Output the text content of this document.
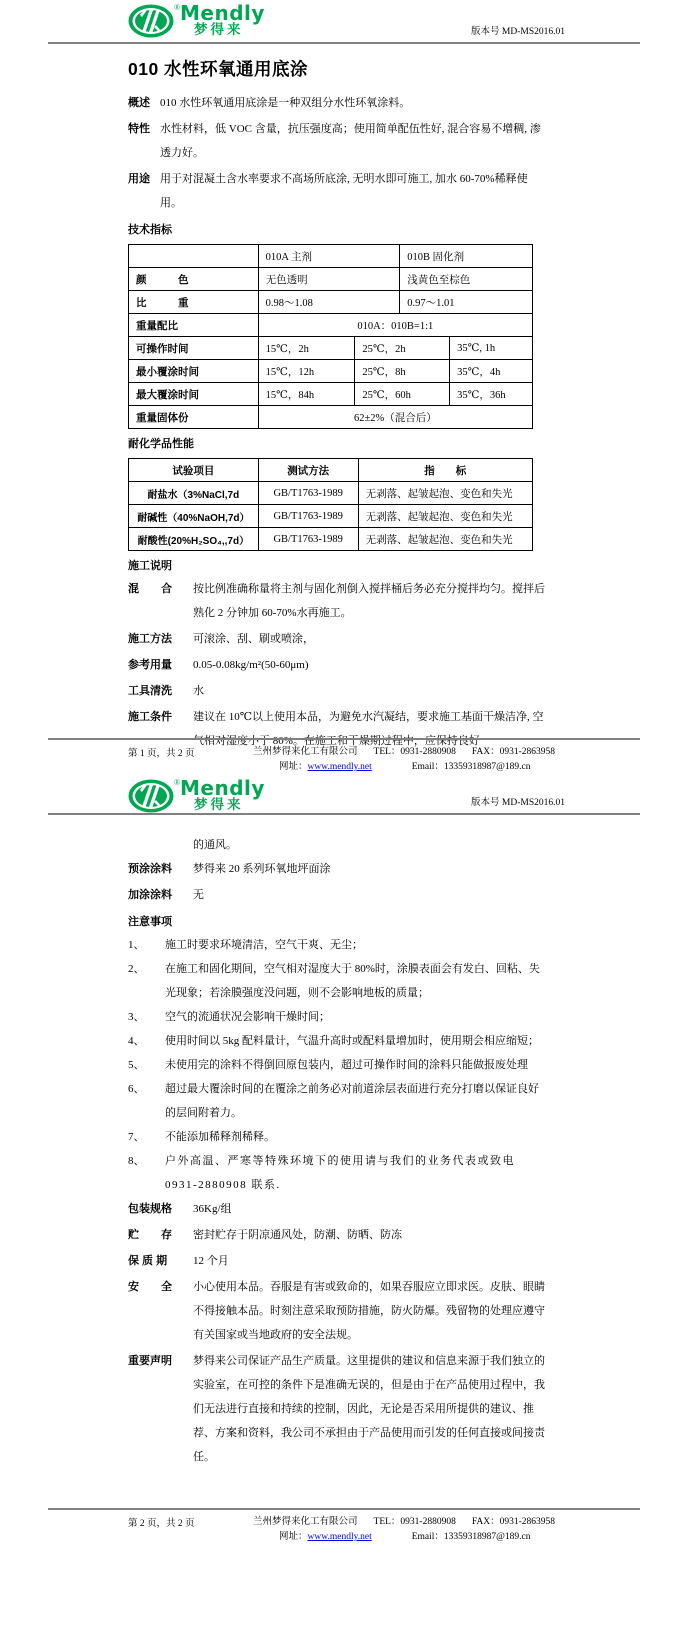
® Mendly
梦得来	版本号 MD-MS2016.01
010 水性环氧通用底涂
概述 010 水性环氧通用底涂是一种双组分水性环氧涂料。
特性 水性材料，低 VOC 含量，抗压强度高；使用简单配伍性好, 混合容易不增稠, 渗透力好。
用途 用于对混凝土含水率要求不高场所底涂, 无明水即可施工, 加水 60-70%稀释使用。
技术指标
	010A 主剂		010B 固化剂	
颜　　　色	无色透明		浅黄色至棕色	
比　　　重	0.98～1.08		0.97～1.01	
重量配比	010A：010B=1:1			
可操作时间	15℃，2h	25℃，2h		35℃, 1h
最小覆涂时间	15℃，12h	25℃，8h		35℃，4h
最大覆涂时间	15℃，84h	25℃，60h		35℃，36h
重量固体份	62±2%（混合后）			
耐化学品性能
试验项目	测试方法	指　　标
耐盐水（3%NaCl,7d	GB/T1763-1989	无剥落、起皱起泡、变色和失光
耐碱性（40%NaOH,7d）	GB/T1763-1989	无剥落、起皱起泡、变色和失光
耐酸性(20%H₂SO₄,,7d）	GB/T1763-1989	无剥落、起皱起泡、变色和失光
施工说明
混　　合	按比例准确称量将主剂与固化剂倒入搅拌桶后务必充分搅拌均匀。搅拌后熟化 2 分钟加 60-70%水再施工。
施工方法	可滚涂、刮、刷或喷涂，
参考用量	0.05-0.08kg/m²(50-60μm)
工具清洗	水
施工条件	建议在 10℃以上使用本品，为避免水汽凝结，要求施工基面干燥洁净, 空气相对湿度小于 80%。在施工和干燥期过程中，应保持良好
第 1 页，共 2 页	兰州梦得来化工有限公司 TEL：0931-2880908 FAX：0931-2863958
网址：www.mendly.net	Email：13359318987@189.cn
® Mendly
梦得来	版本号 MD-MS2016.01
的通风。
预涂涂料	梦得来 20 系列环氧地坪面涂
加涂涂料	无
注意事项
1、	施工时要求环境清洁，空气干爽、无尘；
2、	在施工和固化期间，空气相对湿度大于 80%时，涂膜表面会有发白、回粘、失光现象；若涂膜强度没问题，则不会影响地板的质量；
3、	空气的流通状况会影响干燥时间；
4、	使用时间以 5kg 配料量计，气温升高时或配料量增加时，使用期会相应缩短；
5、	未使用完的涂料不得倒回原包装内，超过可操作时间的涂料只能做报废处理
6、	超过最大覆涂时间的在覆涂之前务必对前道涂层表面进行充分打磨以保证良好的层间附着力。
7、	不能添加稀释剂稀释。
8、	户外高温、严寒等特殊环境下的使用请与我们的业务代表或致电 0931-2880908 联系.
包装规格	36Kg/组
贮　　存	密封贮存于阴凉通风处，防潮、防晒、防冻
保 质 期	12 个月
安　　全	小心使用本品。吞服是有害或致命的，如果吞服应立即求医。皮肤、眼睛不得接触本品。时刻注意采取预防措施，防火防爆。残留物的处理应遵守有关国家或当地政府的安全法规。
重要声明	梦得来公司保证产品生产质量。这里提供的建议和信息来源于我们独立的实验室，在可控的条件下是准确无误的，但是由于在产品使用过程中，我们无法进行直接和持续的控制，因此，无论是否采用所提供的建议、推荐、方案和资料，我公司不承担由于产品使用而引发的任何直接或间接责任。
第 2 页，共 2 页	兰州梦得来化工有限公司 TEL：0931-2880908 FAX：0931-2863958
网址：www.mendly.net	Email：13359318987@189.cn
